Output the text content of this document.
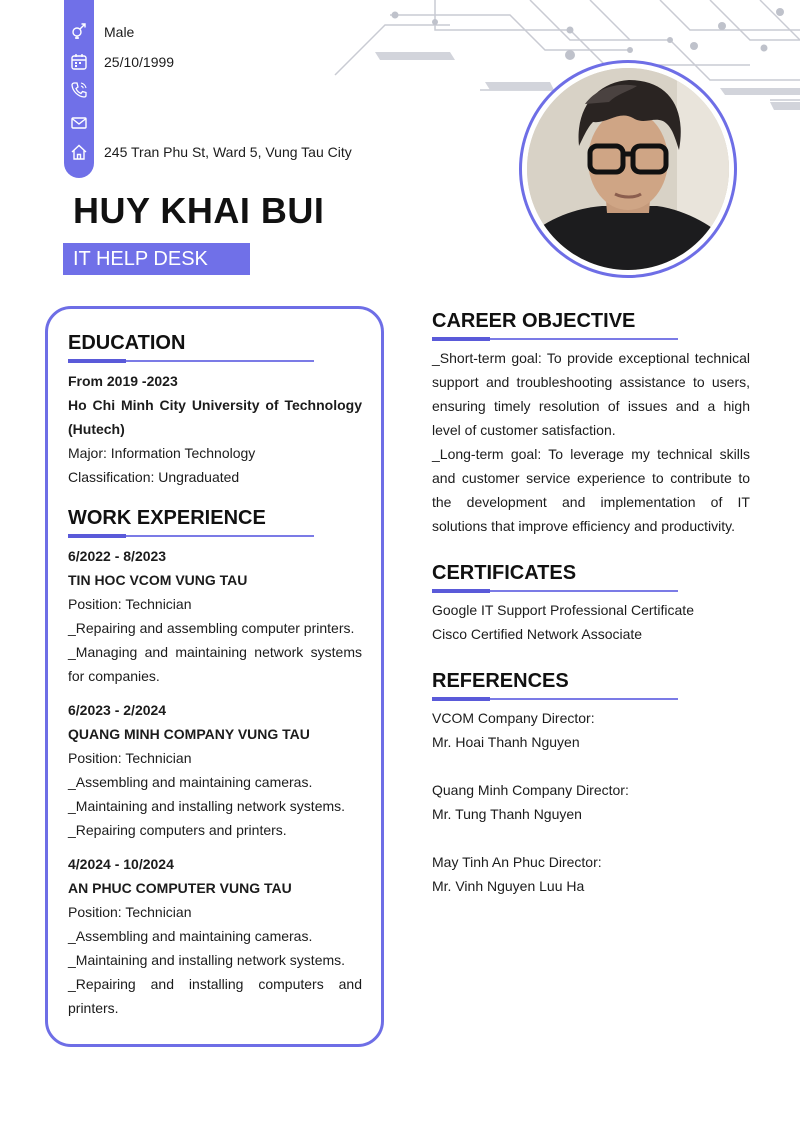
Male
25/10/1999
245 Tran Phu St, Ward 5, Vung Tau City
HUY KHAI BUI
IT HELP DESK
EDUCATION
From 2019 -2023
Ho Chi Minh City University of Technology (Hutech)
Major: Information Technology
Classification: Ungraduated
WORK EXPERIENCE
6/2022 - 8/2023
TIN HOC VCOM VUNG TAU
Position: Technician
_Repairing and assembling computer printers.
_Managing and maintaining network systems for companies.
6/2023 - 2/2024
QUANG MINH COMPANY VUNG TAU
Position: Technician
_Assembling and maintaining cameras.
_Maintaining and installing network systems.
_Repairing computers and printers.
4/2024 - 10/2024
AN PHUC COMPUTER VUNG TAU
Position: Technician
_Assembling and maintaining cameras.
_Maintaining and installing network systems.
_Repairing and installing computers and printers.
CAREER OBJECTIVE
_Short-term goal: To provide exceptional technical support and troubleshooting assistance to users, ensuring timely resolution of issues and a high level of customer satisfaction.
_Long-term goal: To leverage my technical skills and customer service experience to contribute to the development and implementation of IT solutions that improve efficiency and productivity.
CERTIFICATES
Google IT Support Professional Certificate
Cisco Certified Network Associate
REFERENCES
VCOM Company Director:
Mr. Hoai Thanh Nguyen
Quang Minh Company Director:
Mr. Tung Thanh Nguyen
May Tinh An Phuc Director:
Mr. Vinh Nguyen Luu Ha
